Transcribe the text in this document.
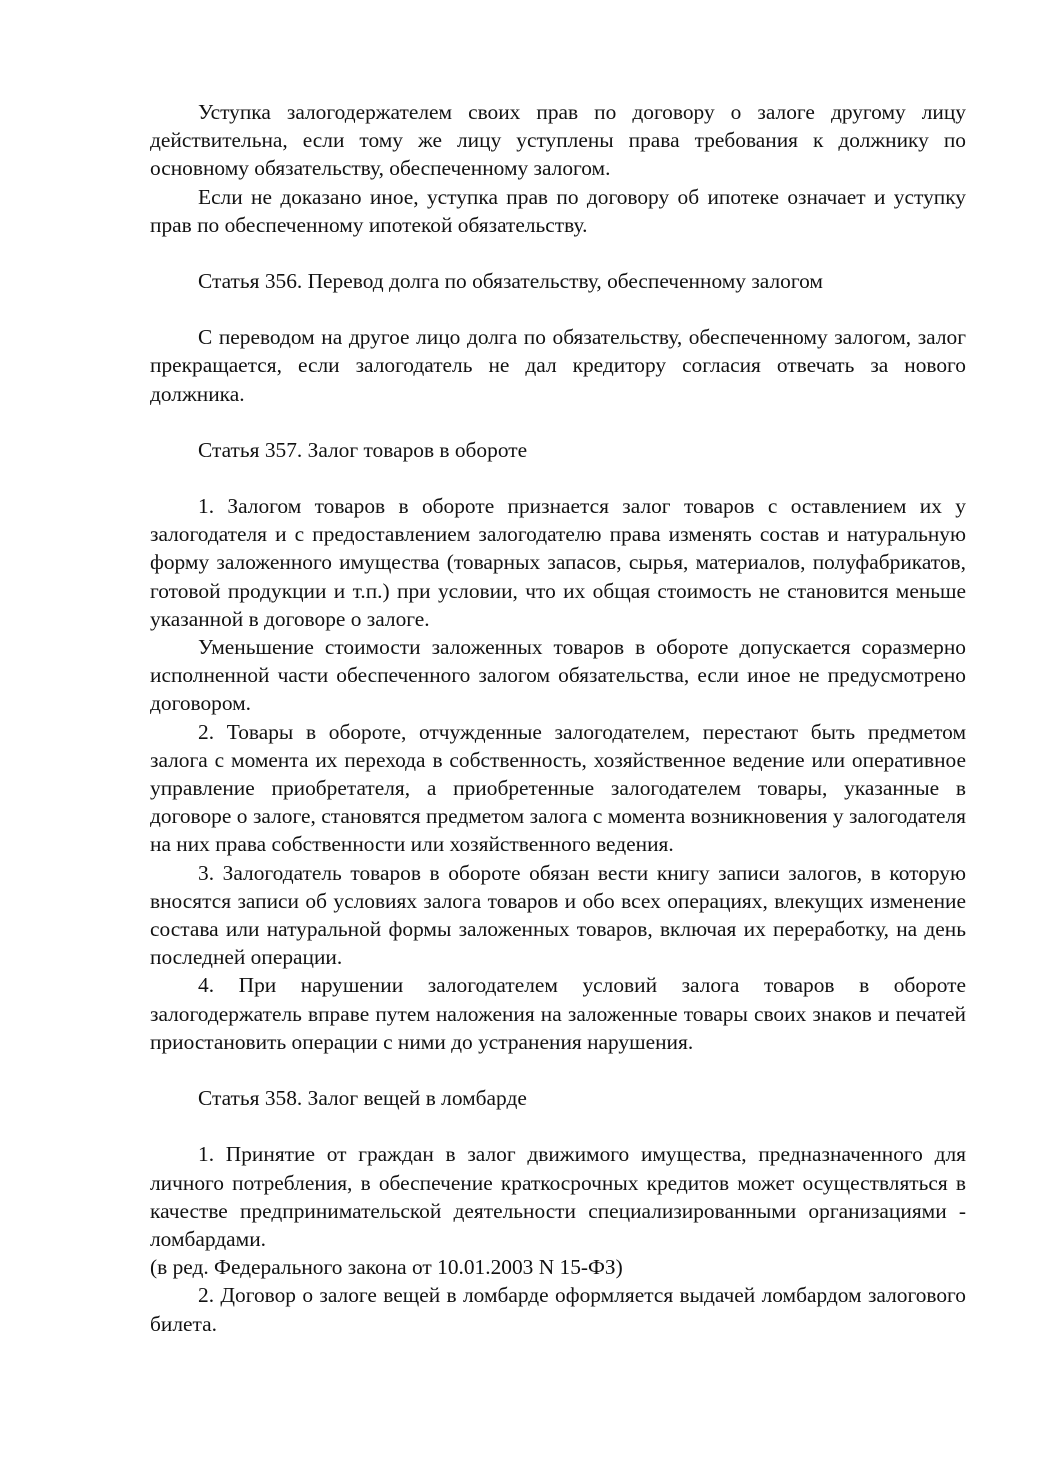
Уступка залогодержателем своих прав по договору о залоге другому лицу действительна, если тому же лицу уступлены права требования к должнику по основному обязательству, обеспеченному залогом.

Если не доказано иное, уступка прав по договору об ипотеке означает и уступку прав по обеспеченному ипотекой обязательству.

Статья 356. Перевод долга по обязательству, обеспеченному залогом

С переводом на другое лицо долга по обязательству, обеспеченному залогом, залог прекращается, если залогодатель не дал кредитору согласия отвечать за нового должника.

Статья 357. Залог товаров в обороте

1. Залогом товаров в обороте признается залог товаров с оставлением их у залогодателя и с предоставлением залогодателю права изменять состав и натуральную форму заложенного имущества (товарных запасов, сырья, материалов, полуфабрикатов, готовой продукции и т.п.) при условии, что их общая стоимость не становится меньше указанной в договоре о залоге.

Уменьшение стоимости заложенных товаров в обороте допускается соразмерно исполненной части обеспеченного залогом обязательства, если иное не предусмотрено договором.

2. Товары в обороте, отчужденные залогодателем, перестают быть предметом залога с момента их перехода в собственность, хозяйственное ведение или оперативное управление приобретателя, а приобретенные залогодателем товары, указанные в договоре о залоге, становятся предметом залога с момента возникновения у залогодателя на них права собственности или хозяйственного ведения.

3. Залогодатель товаров в обороте обязан вести книгу записи залогов, в которую вносятся записи об условиях залога товаров и обо всех операциях, влекущих изменение состава или натуральной формы заложенных товаров, включая их переработку, на день последней операции.

4. При нарушении залогодателем условий залога товаров в обороте залогодержатель вправе путем наложения на заложенные товары своих знаков и печатей приостановить операции с ними до устранения нарушения.

Статья 358. Залог вещей в ломбарде

1. Принятие от граждан в залог движимого имущества, предназначенного для личного потребления, в обеспечение краткосрочных кредитов может осуществляться в качестве предпринимательской деятельности специализированными организациями - ломбардами.

(в ред. Федерального закона от 10.01.2003 N 15-ФЗ)

2. Договор о залоге вещей в ломбарде оформляется выдачей ломбардом залогового билета.
